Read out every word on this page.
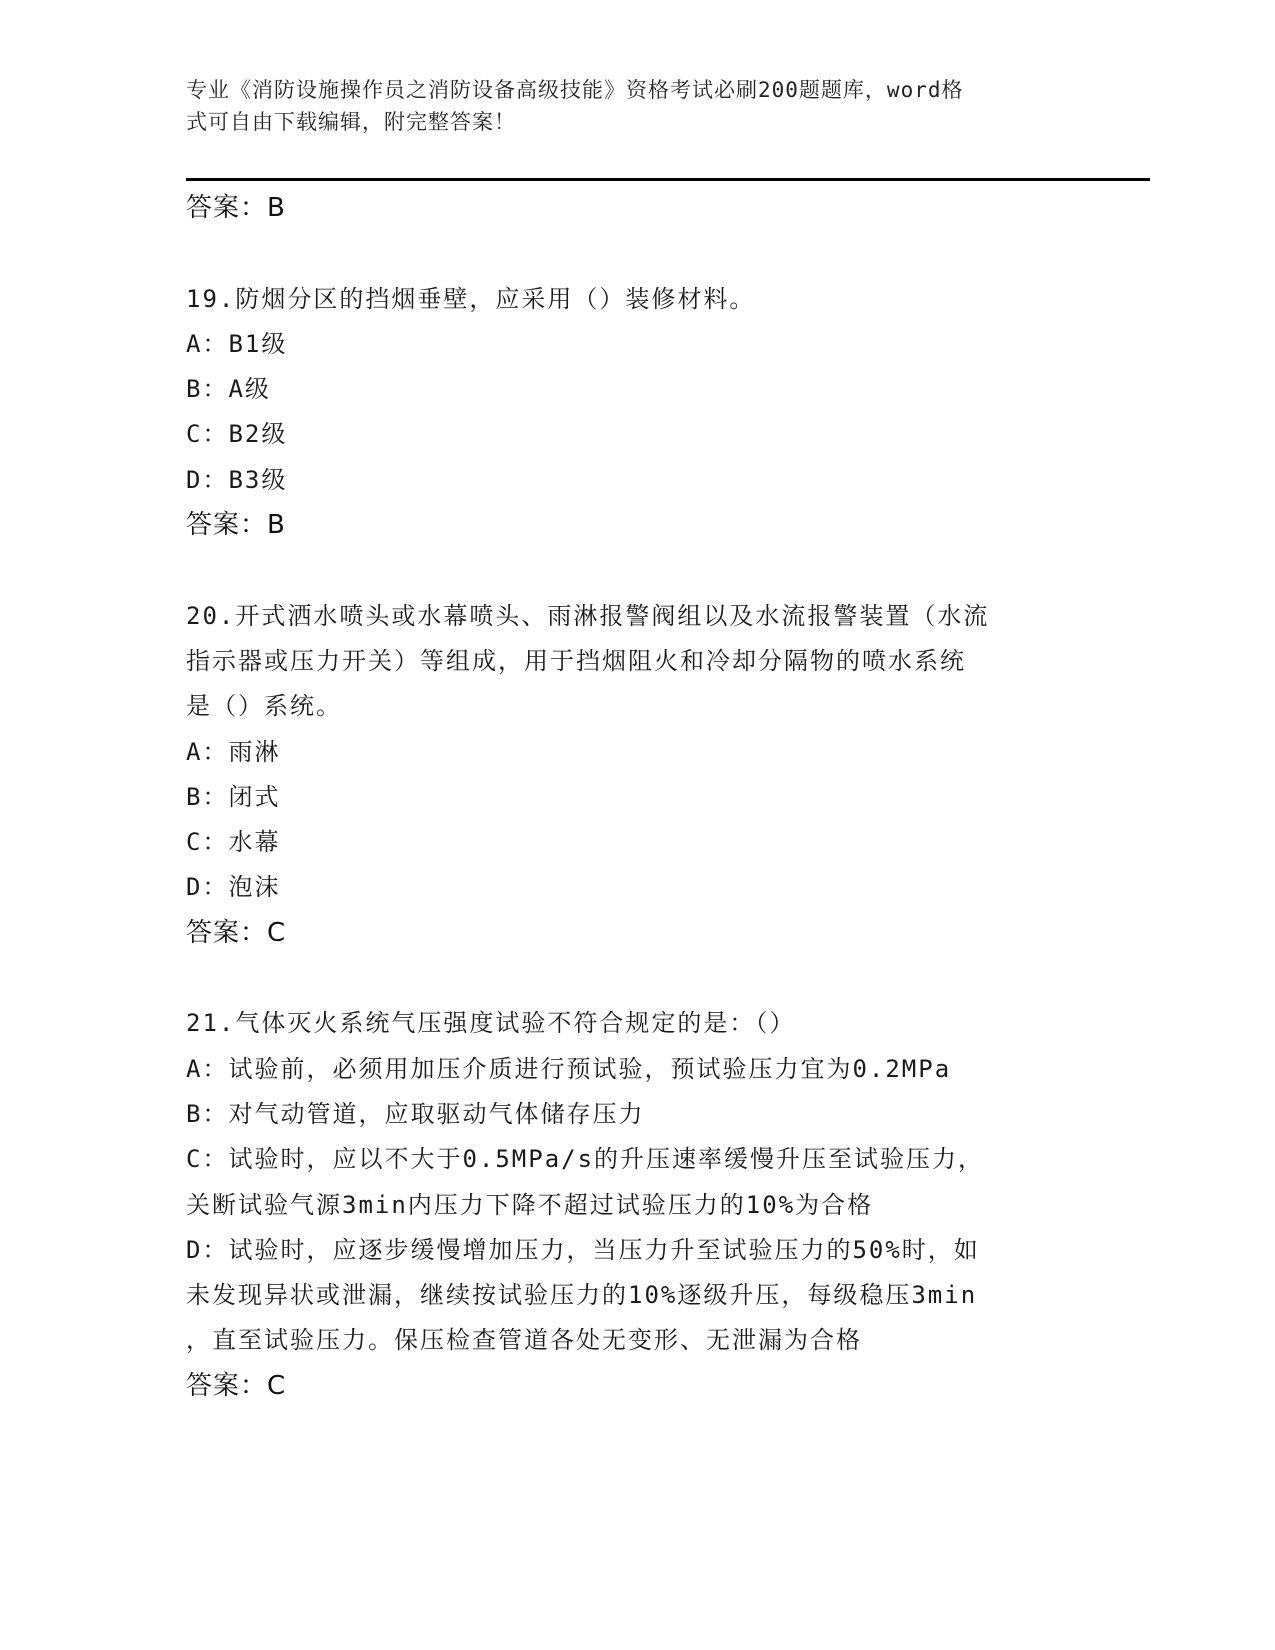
专业《消防设施操作员之消防设备高级技能》资格考试必刷200题题库，word格
式可自由下载编辑，附完整答案！
答案：B
19.防烟分区的挡烟垂壁，应采用（）装修材料。
A：B1级
B：A级
C：B2级
D：B3级
答案：B
20.开式洒水喷头或水幕喷头、雨淋报警阀组以及水流报警装置（水流
指示器或压力开关）等组成，用于挡烟阻火和冷却分隔物的喷水系统
是（）系统。
A：雨淋
B：闭式
C：水幕
D：泡沫
答案：C
21.气体灭火系统气压强度试验不符合规定的是：（）
A：试验前，必须用加压介质进行预试验，预试验压力宜为0.2MPa
B：对气动管道，应取驱动气体储存压力
C：试验时，应以不大于0.5MPa/s的升压速率缓慢升压至试验压力，
关断试验气源3min内压力下降不超过试验压力的10%为合格
D：试验时，应逐步缓慢增加压力，当压力升至试验压力的50%时，如
未发现异状或泄漏，继续按试验压力的10%逐级升压，每级稳压3min
，直至试验压力。保压检查管道各处无变形、无泄漏为合格
答案：C
